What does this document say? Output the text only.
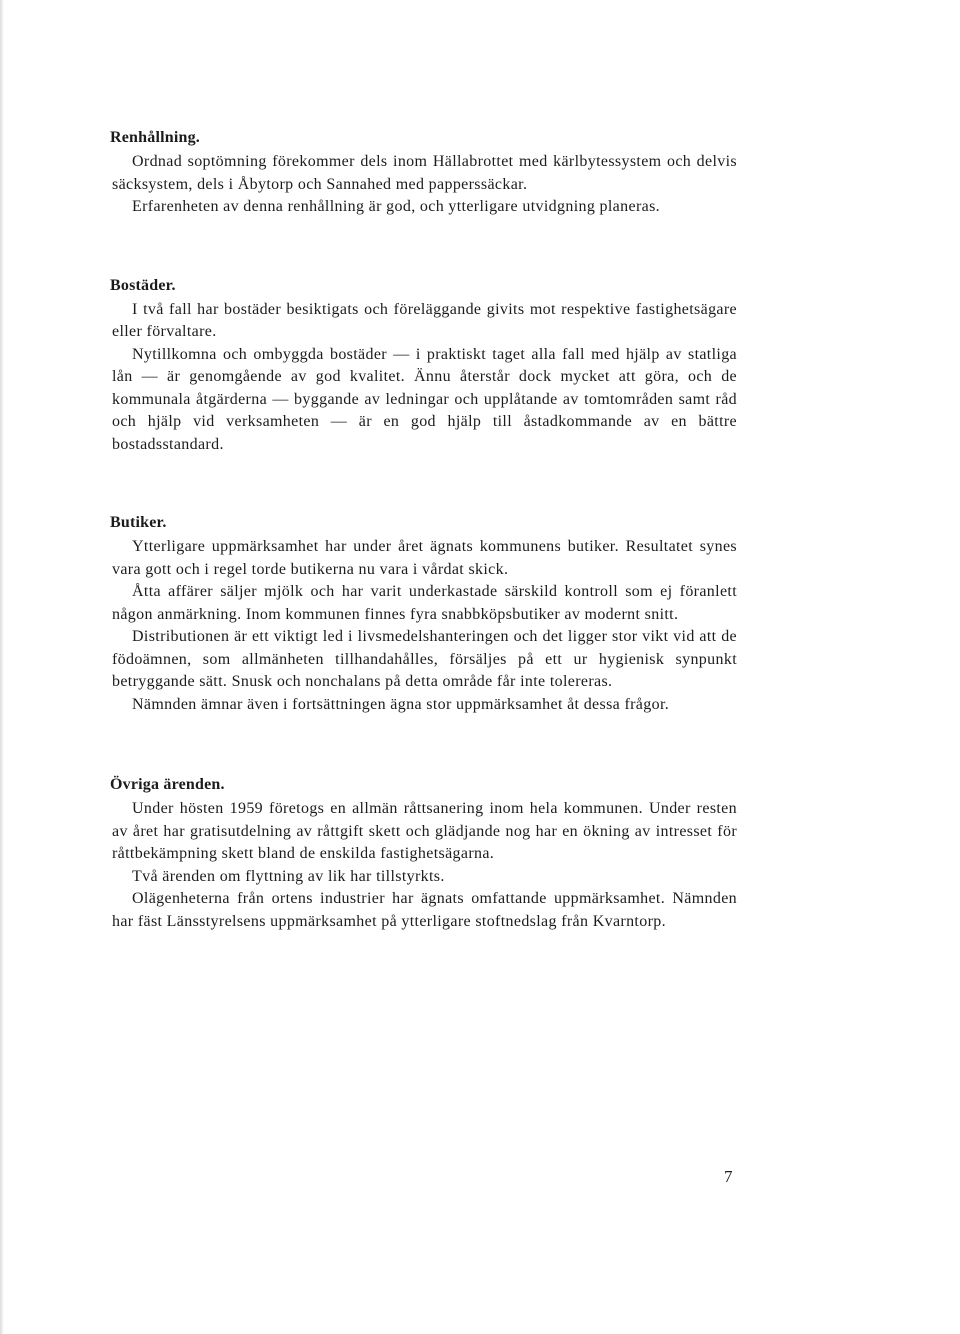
Renhållning.

Ordnad soptömning förekommer dels inom Hällabrottet med kärlbytessystem och delvis säcksystem, dels i Åbytorp och Sannahed med papperssäckar.

Erfarenheten av denna renhållning är god, och ytterligare utvidgning planeras.

Bostäder.

I två fall har bostäder besiktigats och föreläggande givits mot respektive fastighetsägare eller förvaltare.

Nytillkomna och ombyggda bostäder — i praktiskt taget alla fall med hjälp av statliga lån — är genomgående av god kvalitet. Ännu återstår dock mycket att göra, och de kommunala åtgärderna — byggande av ledningar och upplåtande av tomtområden samt råd och hjälp vid verksamheten — är en god hjälp till åstadkommande av en bättre bostadsstandard.

Butiker.

Ytterligare uppmärksamhet har under året ägnats kommunens butiker. Resultatet synes vara gott och i regel torde butikerna nu vara i vårdat skick.

Åtta affärer säljer mjölk och har varit underkastade särskild kontroll som ej föranlett någon anmärkning. Inom kommunen finnes fyra snabbköpsbutiker av modernt snitt.

Distributionen är ett viktigt led i livsmedelshanteringen och det ligger stor vikt vid att de födoämnen, som allmänheten tillhandahålles, försäljes på ett ur hygienisk synpunkt betryggande sätt. Snusk och nonchalans på detta område får inte tolereras.

Nämnden ämnar även i fortsättningen ägna stor uppmärksamhet åt dessa frågor.

Övriga ärenden.

Under hösten 1959 företogs en allmän råttsanering inom hela kommunen. Under resten av året har gratisutdelning av råttgift skett och glädjande nog har en ökning av intresset för råttbekämpning skett bland de enskilda fastighetsägarna.

Två ärenden om flyttning av lik har tillstyrkts.

Olägenheterna från ortens industrier har ägnats omfattande uppmärksamhet. Nämnden har fäst Länsstyrelsens uppmärksamhet på ytterligare stoftnedslag från Kvarntorp.

7
